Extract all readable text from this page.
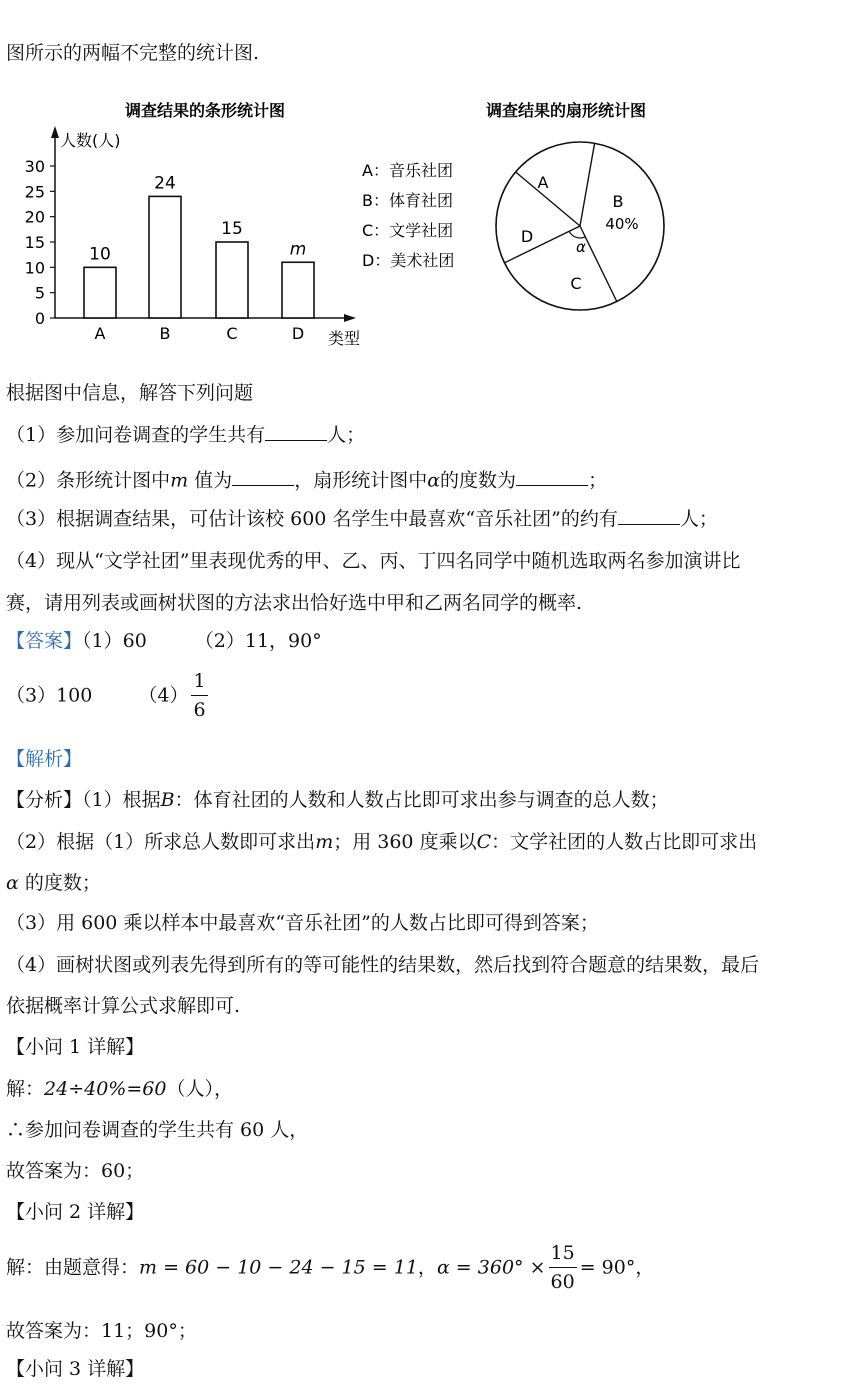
图所示的两幅不完整的统计图.
调查结果的条形统计图
人数(人)
类型
0
5
10
15
20
25
30
10
A
24
B
15
C
m
D
A：音乐社团
B：体育社团
C：文学社团
D：美术社团
调查结果的扇形统计图
B
C
D
A
40%
α
根据图中信息，解答下列问题
（1）参加问卷调查的学生共有	人；
（2）条形统计图中m 值为	，扇形统计图中α的度数为	；
（3）根据调查结果，可估计该校 600 名学生中最喜欢“音乐社团”的约有	人；
（4）现从“文学社团”里表现优秀的甲、乙、丙、丁四名同学中随机选取两名参加演讲比
赛，请用列表或画树状图的方法求出恰好选中甲和乙两名同学的概率.
【答案】（1）60	（2）11，90°
（3）100 $(4) \frac{1}{6}$
【解析】
【分析】（1）根据B：体育社团的人数和人数占比即可求出参与调查的总人数；
（2）根据（1）所求总人数即可求出m；用 360 度乘以C：文学社团的人数占比即可求出
α 的度数；
（3）用 600 乘以样本中最喜欢“音乐社团”的人数占比即可得到答案；
（4）画树状图或列表先得到所有的等可能性的结果数，然后找到符合题意的结果数，最后
依据概率计算公式求解即可.
【小问 1 详解】
解：24÷40%=60（人），
∴参加问卷调查的学生共有 60 人，
故答案为：60；
【小问 2 详解】
解：由题意得：m = 60 − 10 − 24 − 15 = 11，$\alpha = 360^\circ \times \frac{15}{60} = 90^\circ$，
故答案为：11；90°；
【小问 3 详解】
